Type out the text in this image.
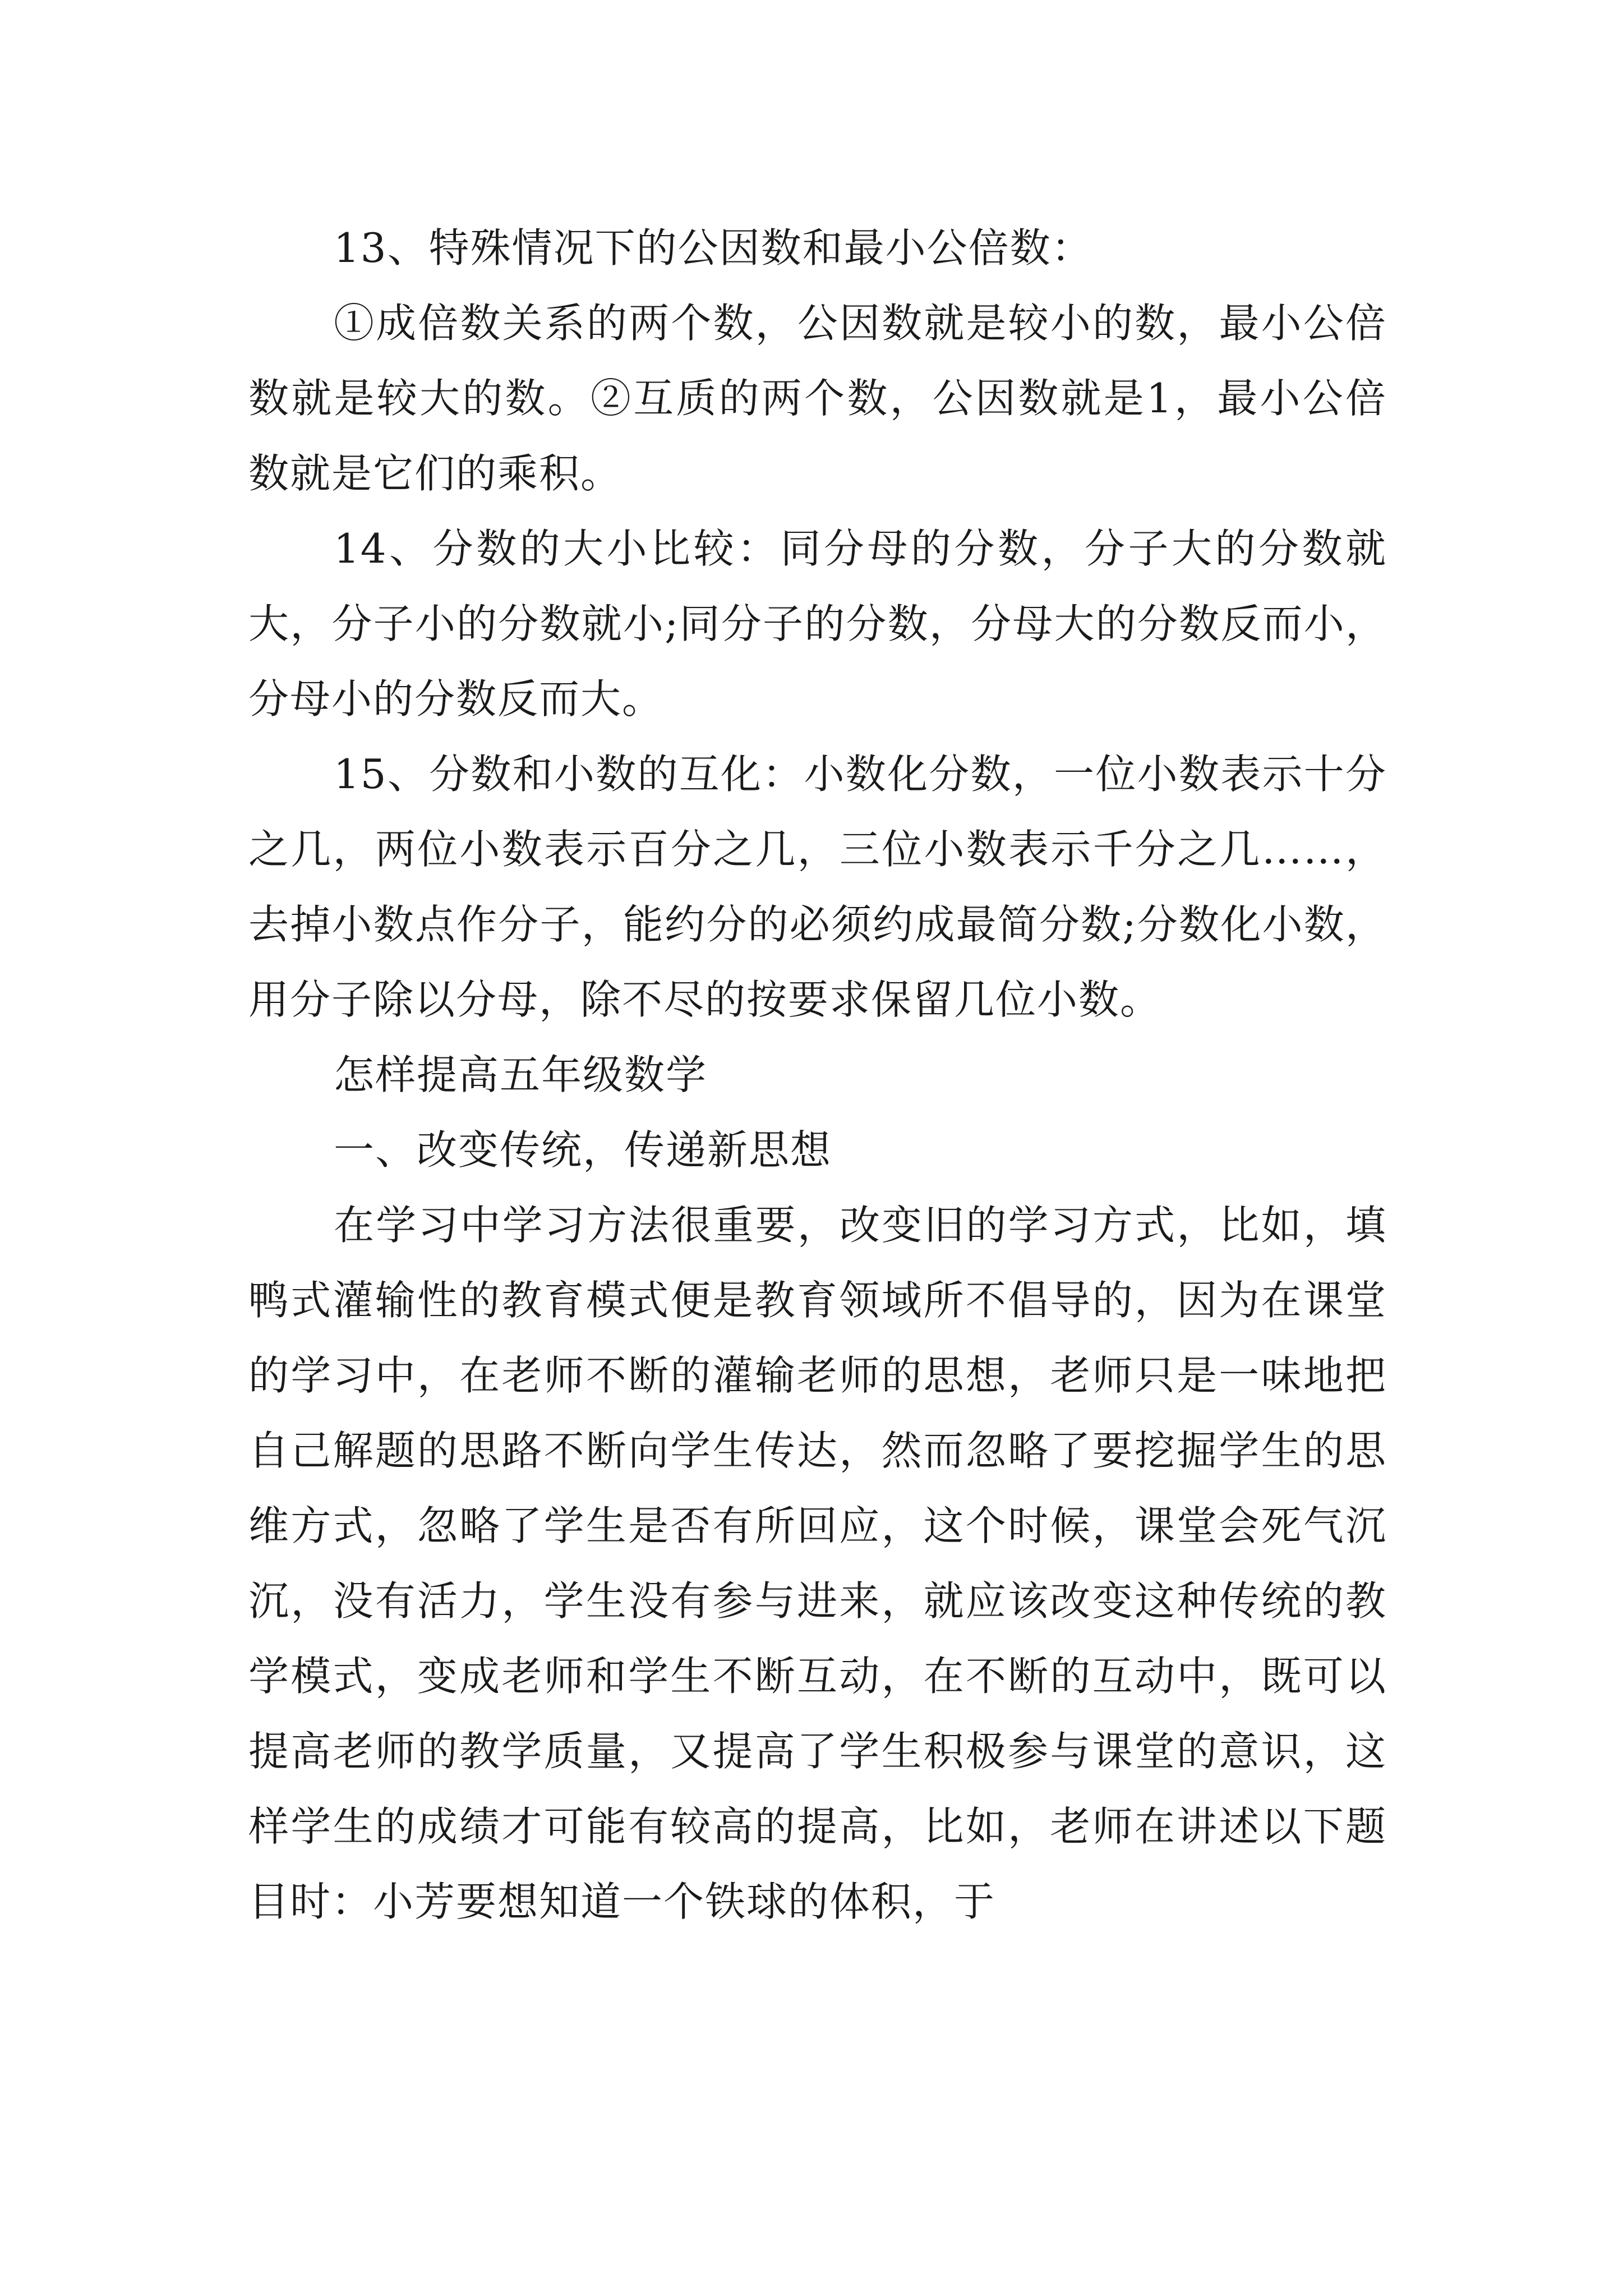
13、特殊情况下的公因数和最小公倍数：

①成倍数关系的两个数，公因数就是较小的数，最小公倍数就是较大的数。②互质的两个数，公因数就是1，最小公倍数就是它们的乘积。

14、分数的大小比较：同分母的分数，分子大的分数就大，分子小的分数就小;同分子的分数，分母大的分数反而小，分母小的分数反而大。

15、分数和小数的互化：小数化分数，一位小数表示十分之几，两位小数表示百分之几，三位小数表示千分之几……，去掉小数点作分子，能约分的必须约成最简分数;分数化小数，用分子除以分母，除不尽的按要求保留几位小数。

怎样提高五年级数学

一、改变传统，传递新思想

在学习中学习方法很重要，改变旧的学习方式，比如，填鸭式灌输性的教育模式便是教育领域所不倡导的，因为在课堂的学习中，在老师不断的灌输老师的思想，老师只是一味地把自己解题的思路不断向学生传达，然而忽略了要挖掘学生的思维方式，忽略了学生是否有所回应，这个时候，课堂会死气沉沉，没有活力，学生没有参与进来，就应该改变这种传统的教学模式，变成老师和学生不断互动，在不断的互动中，既可以提高老师的教学质量，又提高了学生积极参与课堂的意识，这样学生的成绩才可能有较高的提高，比如，老师在讲述以下题目时：小芳要想知道一个铁球的体积，于
